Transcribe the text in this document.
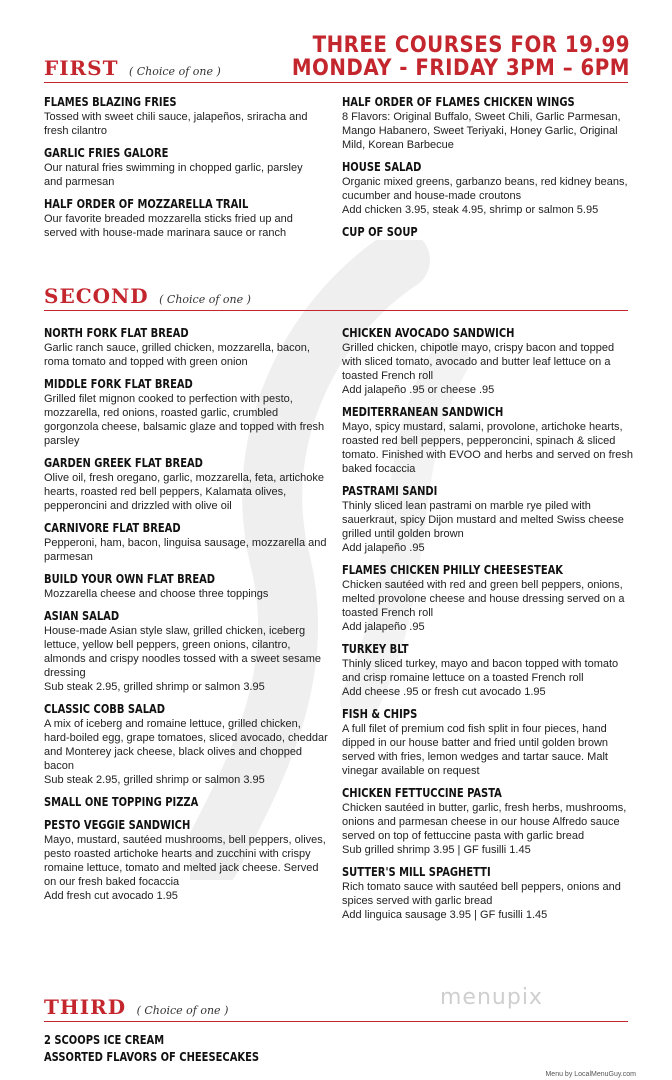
THREE COURSES FOR 19.99
MONDAY - FRIDAY 3PM – 6PM
FIRST ( Choice of one )
FLAMES BLAZING FRIES
Tossed with sweet chili sauce, jalapeños, sriracha and fresh cilantro
GARLIC FRIES GALORE
Our natural fries swimming in chopped garlic, parsley and parmesan
HALF ORDER OF MOZZARELLA TRAIL
Our favorite breaded mozzarella sticks fried up and served with house-made marinara sauce or ranch
HALF ORDER OF FLAMES CHICKEN WINGS
8 Flavors: Original Buffalo, Sweet Chili, Garlic Parmesan, Mango Habanero, Sweet Teriyaki, Honey Garlic, Original Mild, Korean Barbecue
HOUSE SALAD
Organic mixed greens, garbanzo beans, red kidney beans, cucumber and house-made croutons
Add chicken 3.95, steak 4.95, shrimp or salmon 5.95
CUP OF SOUP
SECOND ( Choice of one )
NORTH FORK FLAT BREAD
Garlic ranch sauce, grilled chicken, mozzarella, bacon, roma tomato and topped with green onion
MIDDLE FORK FLAT BREAD
Grilled filet mignon cooked to perfection with pesto, mozzarella, red onions, roasted garlic, crumbled gorgonzola cheese, balsamic glaze and topped with fresh parsley
GARDEN GREEK FLAT BREAD
Olive oil, fresh oregano, garlic, mozzarella, feta, artichoke hearts, roasted red bell peppers, Kalamata olives, pepperoncini and drizzled with olive oil
CARNIVORE FLAT BREAD
Pepperoni, ham, bacon, linguisa sausage, mozzarella and parmesan
BUILD YOUR OWN FLAT BREAD
Mozzarella cheese and choose three toppings
ASIAN SALAD
House-made Asian style slaw, grilled chicken, iceberg lettuce, yellow bell peppers, green onions, cilantro, almonds and crispy noodles tossed with a sweet sesame dressing
Sub steak 2.95, grilled shrimp or salmon 3.95
CLASSIC COBB SALAD
A mix of iceberg and romaine lettuce, grilled chicken, hard-boiled egg, grape tomatoes, sliced avocado, cheddar and Monterey jack cheese, black olives and chopped bacon
Sub steak 2.95, grilled shrimp or salmon 3.95
SMALL ONE TOPPING PIZZA
PESTO VEGGIE SANDWICH
Mayo, mustard, sautéed mushrooms, bell peppers, olives, pesto roasted artichoke hearts and zucchini with crispy romaine lettuce, tomato and melted jack cheese. Served on our fresh baked focaccia
Add fresh cut avocado 1.95
CHICKEN AVOCADO SANDWICH
Grilled chicken, chipotle mayo, crispy bacon and topped with sliced tomato, avocado and butter leaf lettuce on a toasted French roll
Add jalapeño .95 or cheese .95
MEDITERRANEAN SANDWICH
Mayo, spicy mustard, salami, provolone, artichoke hearts, roasted red bell peppers, pepperoncini, spinach & sliced tomato. Finished with EVOO and herbs and served on fresh baked focaccia
PASTRAMI SANDI
Thinly sliced lean pastrami on marble rye piled with sauerkraut, spicy Dijon mustard and melted Swiss cheese grilled until golden brown
Add jalapeño .95
FLAMES CHICKEN PHILLY CHEESESTEAK
Chicken sautéed with red and green bell peppers, onions, melted provolone cheese and house dressing served on a toasted French roll
Add jalapeño .95
TURKEY BLT
Thinly sliced turkey, mayo and bacon topped with tomato and crisp romaine lettuce on a toasted French roll
Add cheese .95 or fresh cut avocado 1.95
FISH & CHIPS
A full filet of premium cod fish split in four pieces, hand dipped in our house batter and fried until golden brown served with fries, lemon wedges and tartar sauce. Malt vinegar available on request
CHICKEN FETTUCCINE PASTA
Chicken sautéed in butter, garlic, fresh herbs, mushrooms, onions and parmesan cheese in our house Alfredo sauce served on top of fettuccine pasta with garlic bread
Sub grilled shrimp 3.95 | GF fusilli 1.45
SUTTER'S MILL SPAGHETTI
Rich tomato sauce with sautéed bell peppers, onions and spices served with garlic bread
Add linguica sausage 3.95 | GF fusilli 1.45
THIRD ( Choice of one )
2 SCOOPS ICE CREAM
ASSORTED FLAVORS OF CHEESECAKES
menupix
Menu by LocalMenuGuy.com
